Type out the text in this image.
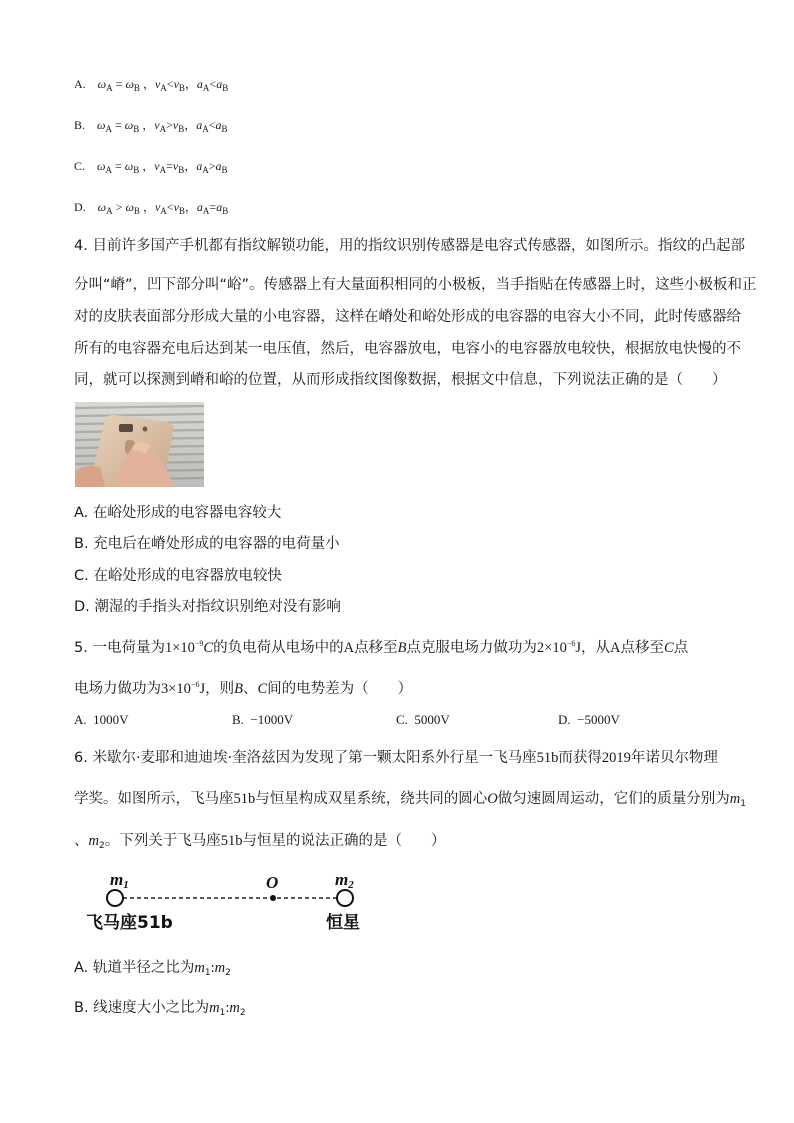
A. $\omega_A = \omega_B$ ，$v_A<v_B$，$a_A<a_B$
B. $\omega_A = \omega_B$ ，$v_A>v_B$，$a_A<a_B$
C. $\omega_A = \omega_B$ ，$v_A=v_B$，$a_A>a_B$
D. $\omega_A > \omega_B$ ，$v_A<v_B$，$a_A=a_B$
4. 目前许多国产手机都有指纹解锁功能，用的指纹识别传感器是电容式传感器，如图所示。指纹的凸起部
分叫“嵴”，凹下部分叫“峪”。传感器上有大量面积相同的小极板，当手指贴在传感器上时，这些小极板和正
对的皮肤表面部分形成大量的小电容器，这样在嵴处和峪处形成的电容器的电容大小不同，此时传感器给
所有的电容器充电后达到某一电压值，然后，电容器放电，电容小的电容器放电较快，根据放电快慢的不
同，就可以探测到嵴和峪的位置，从而形成指纹图像数据，根据文中信息，下列说法正确的是（　　）
A. 在峪处形成的电容器电容较大
B. 充电后在嵴处形成的电容器的电荷量小
C. 在峪处形成的电容器放电较快
D. 潮湿的手指头对指纹识别绝对没有影响
5. 一电荷量为$1\times 10^{-9}C$的负电荷从电场中的A点移至B点克服电场力做功为$2\times 10^{-6}J$，从A点移至C点
电场力做功为$3\times 10^{-6}J$，则B、C间的电势差为（　　）
A. 1000V	B. −1000V	C. 5000V	D. −5000V
6. 米歇尔·麦耶和迪迪埃·奎洛兹因为发现了第一颗太阳系外行星一飞马座51b而获得2019年诺贝尔物理
学奖。如图所示，飞马座51b与恒星构成双星系统，绕共同的圆心O做匀速圆周运动，它们的质量分别为$m_1$
、$m_2$。下列关于飞马座51b与恒星的说法正确的是（　　）
m1	O	m2
飞马座51b	恒星
A. 轨道半径之比为$m_1:m_2$
B. 线速度大小之比为$m_1:m_2$
